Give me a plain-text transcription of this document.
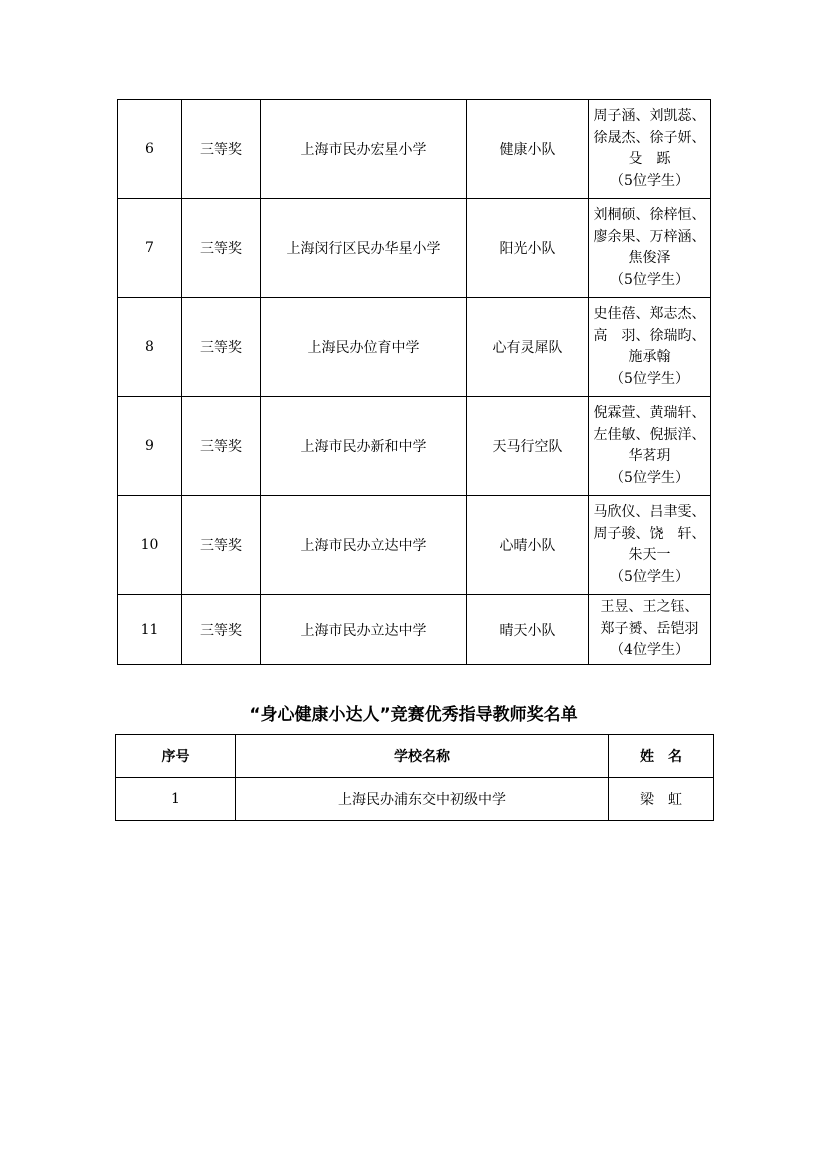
6	三等奖	上海市民办宏星小学	健康小队	周子涵、刘凯蕊、
徐晟杰、徐子妍、
殳　跞
（5位学生）

7	三等奖	上海闵行区民办华星小学	阳光小队	刘桐硕、徐梓恒、
廖余果、万梓涵、
焦俊泽
（5位学生）

8	三等奖	上海民办位育中学	心有灵犀队	史佳蓓、郑志杰、
高　羽、徐瑞昀、
施承翰
（5位学生）

9	三等奖	上海市民办新和中学	天马行空队	倪霖萱、黄瑞轩、
左佳敏、倪振洋、
华茗玥
（5位学生）

10	三等奖	上海市民办立达中学	心晴小队	马欣仪、吕聿雯、
周子骏、饶　轩、
朱天一
（5位学生）

11	三等奖	上海市民办立达中学	晴天小队	王昱、王之钰、
郑子赟、岳铠羽
（4位学生）
“身心健康小达人”竞赛优秀指导教师奖名单
序号	学校名称	姓　名
1	上海民办浦东交中初级中学	梁　虹
